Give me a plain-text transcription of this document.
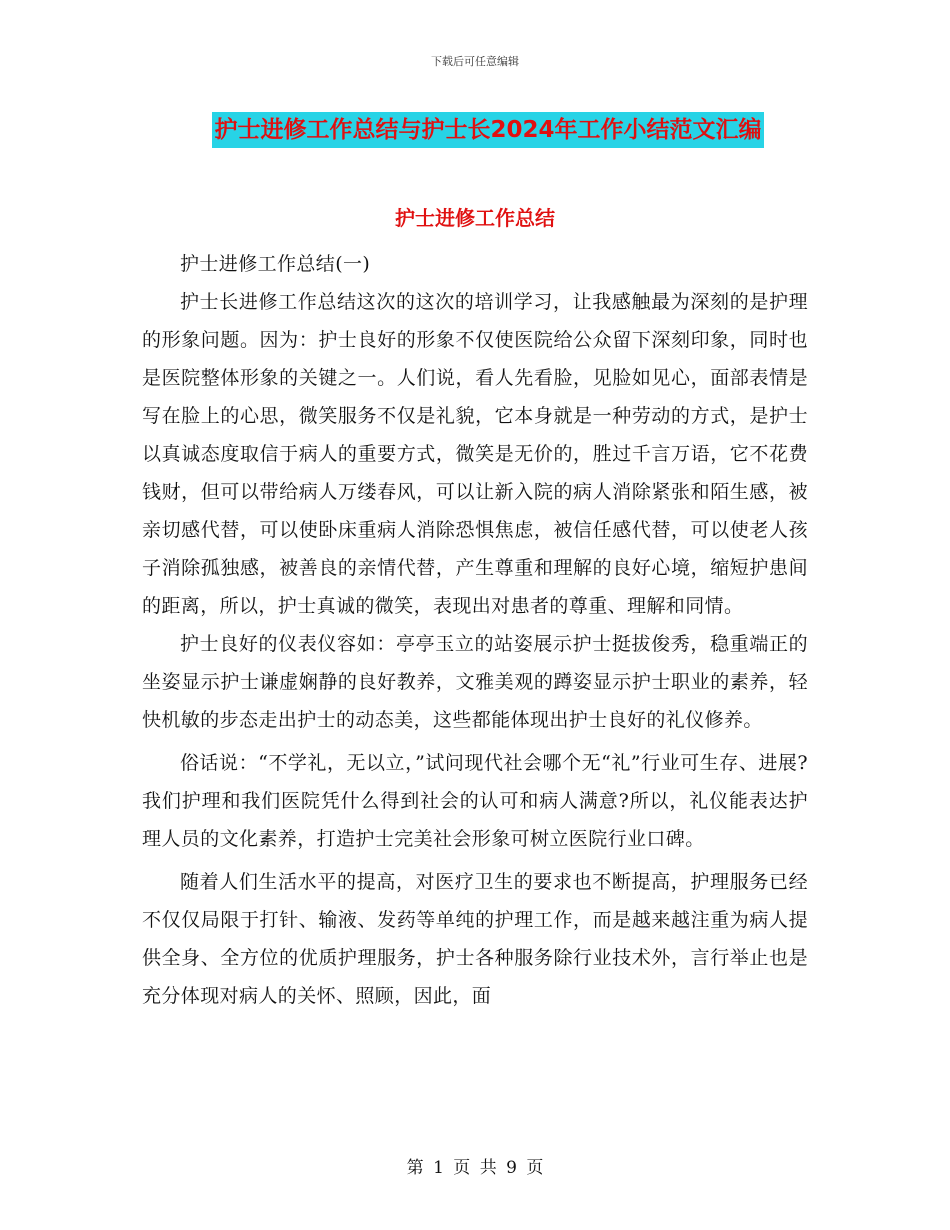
下载后可任意编辑
护士进修工作总结与护士长2024年工作小结范文汇编
护士进修工作总结

护士进修工作总结(一)

护士长进修工作总结这次的这次的培训学习，让我感触最为深刻的是护理的形象问题。因为：护士良好的形象不仅使医院给公众留下深刻印象，同时也是医院整体形象的关键之一。人们说，看人先看脸，见脸如见心，面部表情是写在脸上的心思，微笑服务不仅是礼貌，它本身就是一种劳动的方式，是护士以真诚态度取信于病人的重要方式，微笑是无价的，胜过千言万语，它不花费钱财，但可以带给病人万缕春风，可以让新入院的病人消除紧张和陌生感，被亲切感代替，可以使卧床重病人消除恐惧焦虑，被信任感代替，可以使老人孩子消除孤独感，被善良的亲情代替，产生尊重和理解的良好心境，缩短护患间的距离，所以，护士真诚的微笑，表现出对患者的尊重、理解和同情。

护士良好的仪表仪容如：亭亭玉立的站姿展示护士挺拔俊秀，稳重端正的坐姿显示护士谦虚娴静的良好教养，文雅美观的蹲姿显示护士职业的素养，轻快机敏的步态走出护士的动态美，这些都能体现出护士良好的礼仪修养。

俗话说：“不学礼，无以立，”试问现代社会哪个无“礼”行业可生存、进展?我们护理和我们医院凭什么得到社会的认可和病人满意?所以，礼仪能表达护理人员的文化素养，打造护士完美社会形象可树立医院行业口碑。

随着人们生活水平的提高，对医疗卫生的要求也不断提高，护理服务已经不仅仅局限于打针、输液、发药等单纯的护理工作，而是越来越注重为病人提供全身、全方位的优质护理服务，护士各种服务除行业技术外，言行举止也是充分体现对病人的关怀、照顾，因此，面

第 1 页 共 9 页
